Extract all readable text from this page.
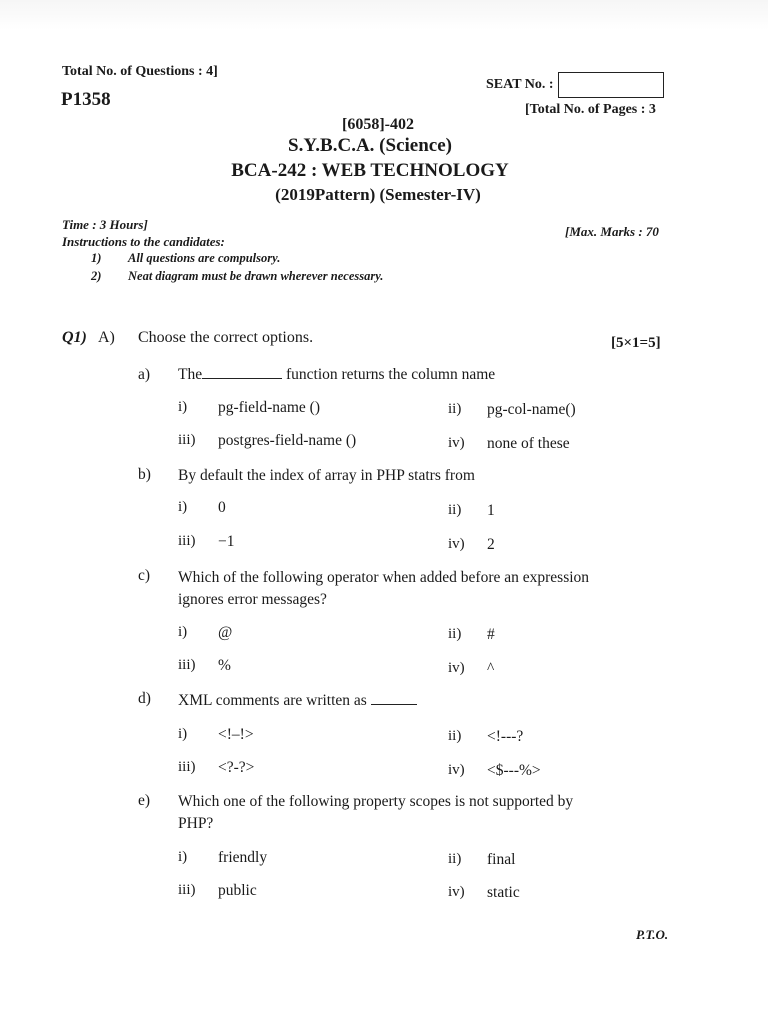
Total No. of Questions : 4]
P1358
SEAT No. :
[Total No. of Pages : 3
[6058]-402
S.Y.B.C.A. (Science)
BCA-242 : WEB TECHNOLOGY
(2019Pattern) (Semester-IV)
Time : 3 Hours]	[Max. Marks : 70
Instructions to the candidates:
1) All questions are compulsory.
2) Neat diagram must be drawn wherever necessary.
Q1) A) Choose the correct options.	[5×1=5]
a) The	function returns the column name
i) pg-field-name ()	ii) pg-col-name()
iii) postgres-field-name ()	iv) none of these
b) By default the index of array in PHP statrs from
i) 0	ii) 1
iii) −1	iv) 2
c) Which of the following operator when added before an expression
ignores error messages?
i) @	ii) #
iii) %	iv) ^
d) XML comments are written as
i) <!–!>	ii) <!---?
iii) <?-?>	iv) <$---%>
e) Which one of the following property scopes is not supported by
PHP?
i) friendly	ii) final
iii) public	iv) static
P.T.O.
